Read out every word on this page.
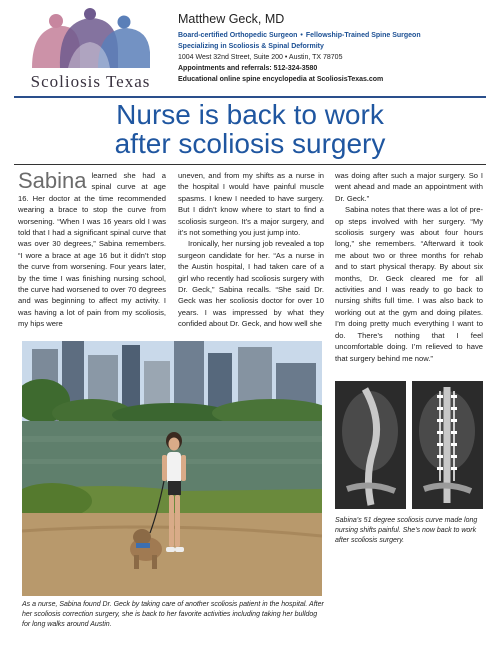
Scoliosis Texas
Matthew Geck, MD
Board-certified Orthopedic Surgeon • Fellowship-Trained Spine Surgeon
Specializing in Scoliosis & Spinal Deformity
1004 West 32nd Street, Suite 200 • Austin, TX 78705
Appointments and referrals: 512-324-3580
Educational online spine encyclopedia at ScoliosisTexas.com
Nurse is back to work
after scoliosis surgery
Sabina learned she had a spinal curve at age 16. Her doctor at the time recommended wearing a brace to stop the curve from worsening. “When I was 16 years old I was told that I had a significant spinal curve that was over 30 degrees,” Sabina remembers. “I wore a brace at age 16 but it didn’t stop the curve from worsening. Four years later, by the time I was finishing nursing school, the curve had worsened to over 70 degrees and was beginning to affect my activity. I was having a lot of pain from my scoliosis, my hips were

uneven, and from my shifts as a nurse in the hospital I would have painful muscle spasms. I knew I needed to have surgery. But I didn’t know where to start to find a scoliosis surgeon. It’s a major surgery, and it’s not something you just jump into.

Ironically, her nursing job revealed a top surgeon candidate for her. “As a nurse in the Austin hospital, I had taken care of a girl who recently had scoliosis surgery with Dr. Geck,” Sabina recalls. “She said Dr. Geck was her scoliosis doctor for over 10 years. I was impressed by what they confided about Dr. Geck, and how well she

was doing after such a major surgery. So I went ahead and made an appointment with Dr. Geck.”

Sabina notes that there was a lot of pre-op steps involved with her surgery. “My scoliosis surgery was about four hours long,” she remembers. “Afterward it took me about two or three months for rehab and to start physical therapy. By about six months, Dr. Geck cleared me for all activities and I was ready to go back to nursing shifts full time. I was also back to working out at the gym and doing pilates. I’m doing pretty much everything I want to do. There’s nothing that I feel uncomfortable doing. I’m relieved to have that surgery behind me now.”

As a nurse, Sabina found Dr. Geck by taking care of another scoliosis patient in the hospital. After her scoliosis correction surgery, she is back to her favorite activities including taking her bulldog for long walks around Austin.
Sabina’s 51 degree scoliosis curve made long nursing shifts painful. She’s now back to work after scoliosis surgery.
